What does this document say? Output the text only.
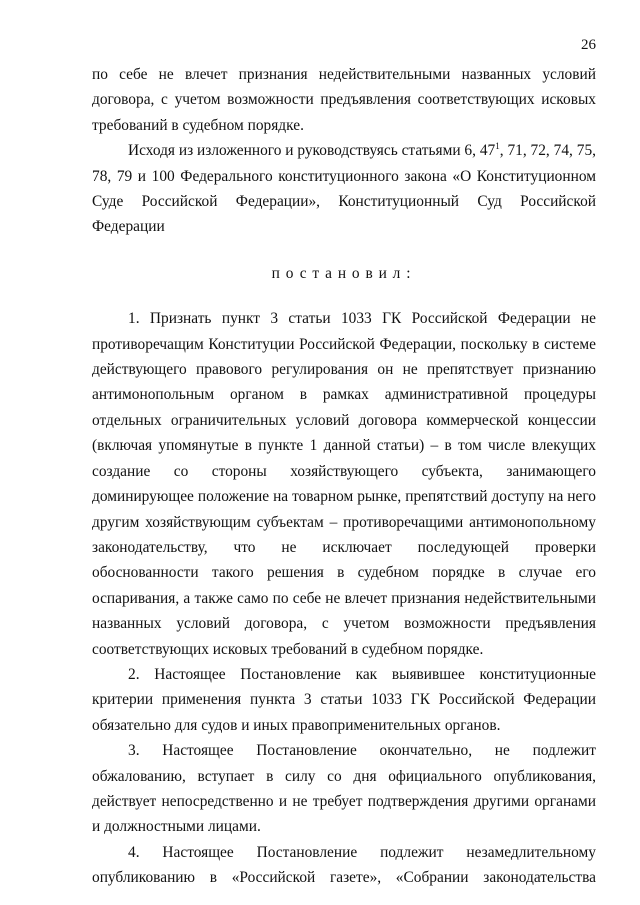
26

по себе не влечет признания недействительными названных условий договора, с учетом возможности предъявления соответствующих исковых требований в судебном порядке.

Исходя из изложенного и руководствуясь статьями 6, $47^1$, 71, 72, 74, 75, 78, 79 и 100 Федерального конституционного закона «О Конституционном Суде Российской Федерации», Конституционный Суд Российской Федерации

постановил:

1. Признать пункт 3 статьи 1033 ГК Российской Федерации не противоречащим Конституции Российской Федерации, поскольку в системе действующего правового регулирования он не препятствует признанию антимонопольным органом в рамках административной процедуры отдельных ограничительных условий договора коммерческой концессии (включая упомянутые в пункте 1 данной статьи) – в том числе влекущих создание со стороны хозяйствующего субъекта, занимающего доминирующее положение на товарном рынке, препятствий доступу на него другим хозяйствующим субъектам – противоречащими антимонопольному законодательству, что не исключает последующей проверки обоснованности такого решения в судебном порядке в случае его оспаривания, а также само по себе не влечет признания недействительными названных условий договора, с учетом возможности предъявления соответствующих исковых требований в судебном порядке.

2. Настоящее Постановление как выявившее конституционные критерии применения пункта 3 статьи 1033 ГК Российской Федерации обязательно для судов и иных правоприменительных органов.

3. Настоящее Постановление окончательно, не подлежит обжалованию, вступает в силу со дня официального опубликования, действует непосредственно и не требует подтверждения другими органами и должностными лицами.

4. Настоящее Постановление подлежит незамедлительному опубликованию в «Российской газете», «Собрании законодательства
